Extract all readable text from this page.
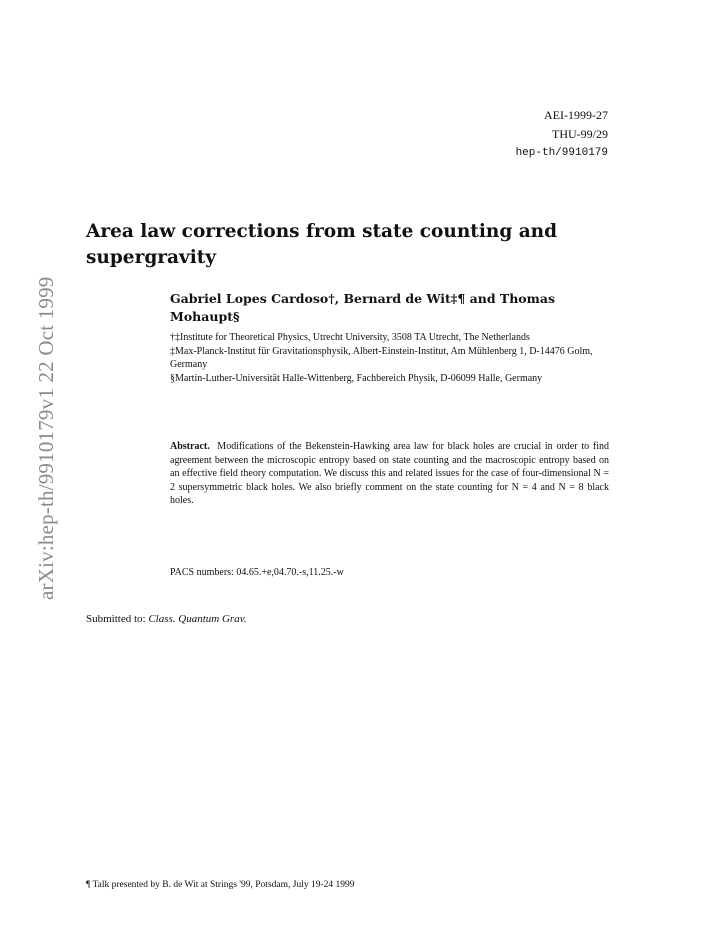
arXiv:hep-th/9910179v1 22 Oct 1999
AEI-1999-27
THU-99/29
hep-th/9910179
Area law corrections from state counting and supergravity
Gabriel Lopes Cardoso†, Bernard de Wit‡¶ and Thomas Mohaupt§

†‡Institute for Theoretical Physics, Utrecht University, 3508 TA Utrecht, The Netherlands

‡Max-Planck-Institut für Gravitationsphysik, Albert-Einstein-Institut, Am Mühlenberg 1, D-14476 Golm, Germany

§Martin-Luther-Universität Halle-Wittenberg, Fachbereich Physik, D-06099 Halle, Germany

Abstract. Modifications of the Bekenstein-Hawking area law for black holes are crucial in order to find agreement between the microscopic entropy based on state counting and the macroscopic entropy based on an effective field theory computation. We discuss this and related issues for the case of four-dimensional N = 2 supersymmetric black holes. We also briefly comment on the state counting for N = 4 and N = 8 black holes.
PACS numbers: 04.65.+e,04.70.-s,11.25.-w
Submitted to: Class. Quantum Grav.
¶ Talk presented by B. de Wit at Strings '99, Potsdam, July 19-24 1999
